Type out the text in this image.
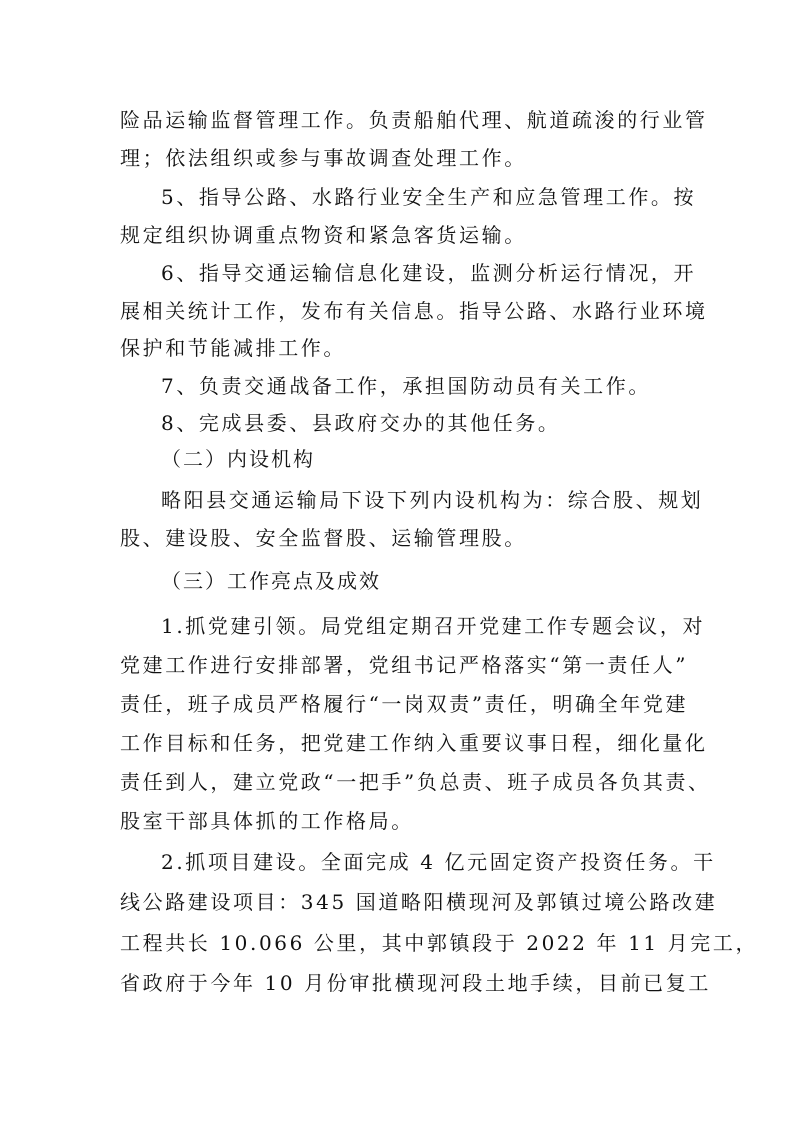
险品运输监督管理工作。负责船舶代理、航道疏浚的行业管
理；依法组织或参与事故调查处理工作。
5、指导公路、水路行业安全生产和应急管理工作。按
规定组织协调重点物资和紧急客货运输。
6、指导交通运输信息化建设，监测分析运行情况，开
展相关统计工作，发布有关信息。指导公路、水路行业环境
保护和节能减排工作。
7、负责交通战备工作，承担国防动员有关工作。
8、完成县委、县政府交办的其他任务。
（二）内设机构
略阳县交通运输局下设下列内设机构为：综合股、规划
股、建设股、安全监督股、运输管理股。
（三）工作亮点及成效
1.抓党建引领。局党组定期召开党建工作专题会议，对
党建工作进行安排部署，党组书记严格落实“第一责任人”
责任，班子成员严格履行“一岗双责”责任，明确全年党建
工作目标和任务，把党建工作纳入重要议事日程，细化量化
责任到人，建立党政“一把手”负总责、班子成员各负其责、
股室干部具体抓的工作格局。
2.抓项目建设。全面完成 4 亿元固定资产投资任务。干
线公路建设项目：345 国道略阳横现河及郭镇过境公路改建
工程共长 10.066 公里，其中郭镇段于 2022 年 11 月完工，
省政府于今年 10 月份审批横现河段土地手续，目前已复工
